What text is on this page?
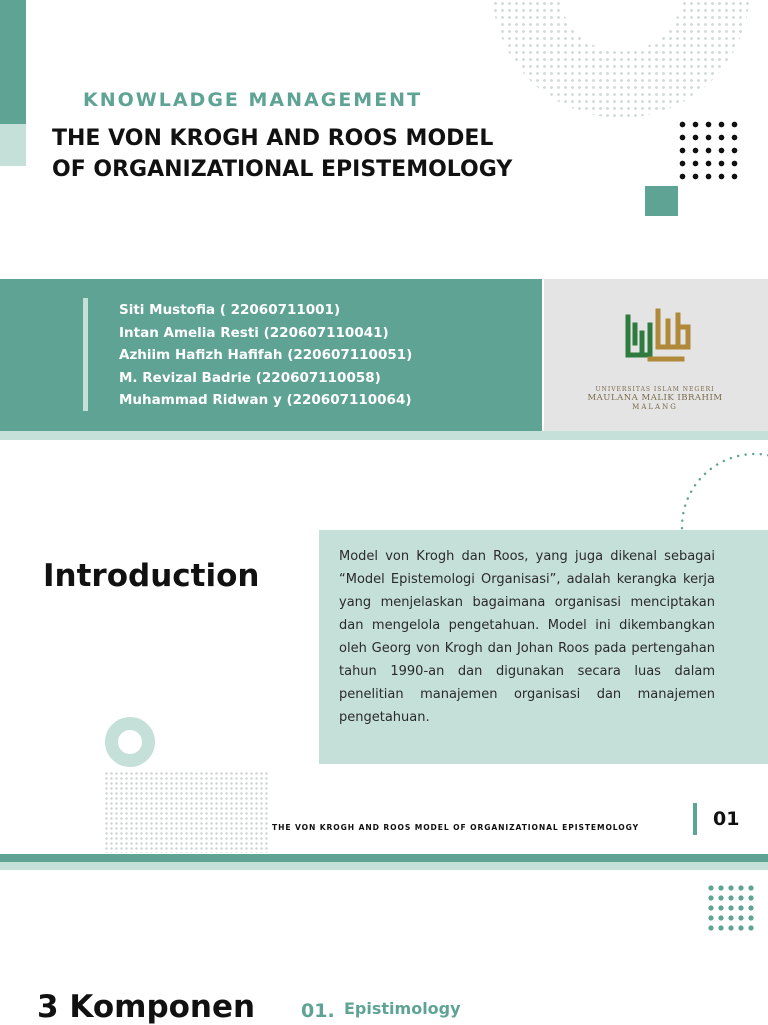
KNOWLADGE MANAGEMENT
THE VON KROGH AND ROOS MODEL
OF ORGANIZATIONAL EPISTEMOLOGY
Siti Mustofia ( 22060711001)
Intan Amelia Resti (220607110041)
Azhiim Hafizh Hafifah (220607110051)
M. Revizal Badrie (220607110058)
Muhammad Ridwan y (220607110064)
UNIVERSITAS ISLAM NEGERI
MAULANA MALIK IBRAHIM
MALANG
Introduction

Model von Krogh dan Roos, yang juga dikenal sebagai “Model Epistemologi Organisasi”, adalah kerangka kerja yang menjelaskan bagaimana organisasi menciptakan dan mengelola pengetahuan. Model ini dikembangkan oleh Georg von Krogh dan Johan Roos pada pertengahan tahun 1990-an dan digunakan secara luas dalam penelitian manajemen organisasi dan manajemen pengetahuan.

THE VON KROGH AND ROOS MODEL OF ORGANIZATIONAL EPISTEMOLOGY	01

3 Komponen 01. Epistimology
